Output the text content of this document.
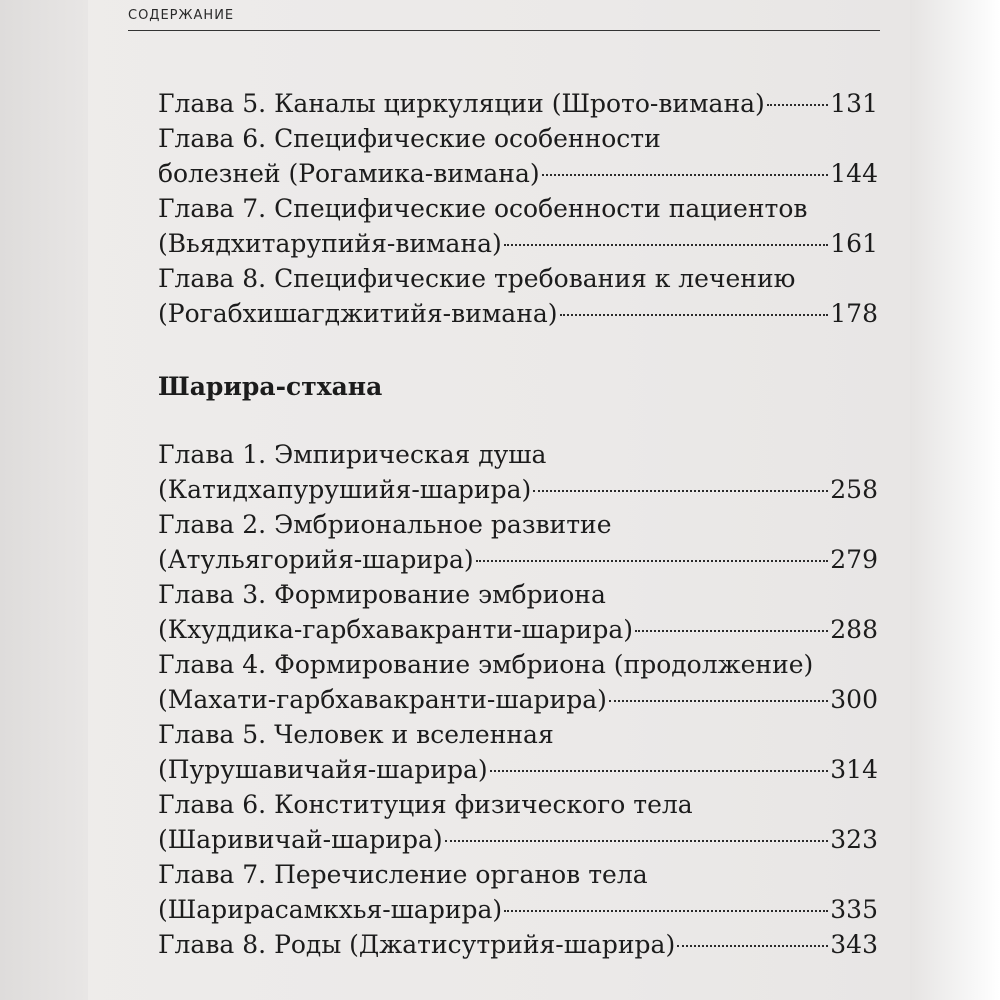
СОДЕРЖАНИЕ
Глава 5. Каналы циркуляции (Шрото-вимана)	131
Глава 6. Специфические особенности
болезней (Рогамика-вимана)	144
Глава 7. Специфические особенности пациентов
(Вьядхитарупийя-вимана)	161
Глава 8. Специфические требования к лечению
(Рогабхишагджитийя-вимана)	178
Шарира-стхана
Глава 1. Эмпирическая душа
(Катидхапурушийя-шарира)	258
Глава 2. Эмбриональное развитие
(Атульягорийя-шарира)	279
Глава 3. Формирование эмбриона
(Кхуддика-гарбхавакранти-шарира)	288
Глава 4. Формирование эмбриона (продолжение)
(Махати-гарбхавакранти-шарира)	300
Глава 5. Человек и вселенная
(Пурушавичайя-шарира)	314
Глава 6. Конституция физического тела
(Шаривичай-шарира)	323
Глава 7. Перечисление органов тела
(Шарирасамкхья-шарира)	335
Глава 8. Роды (Джатисутрийя-шарира)	343
